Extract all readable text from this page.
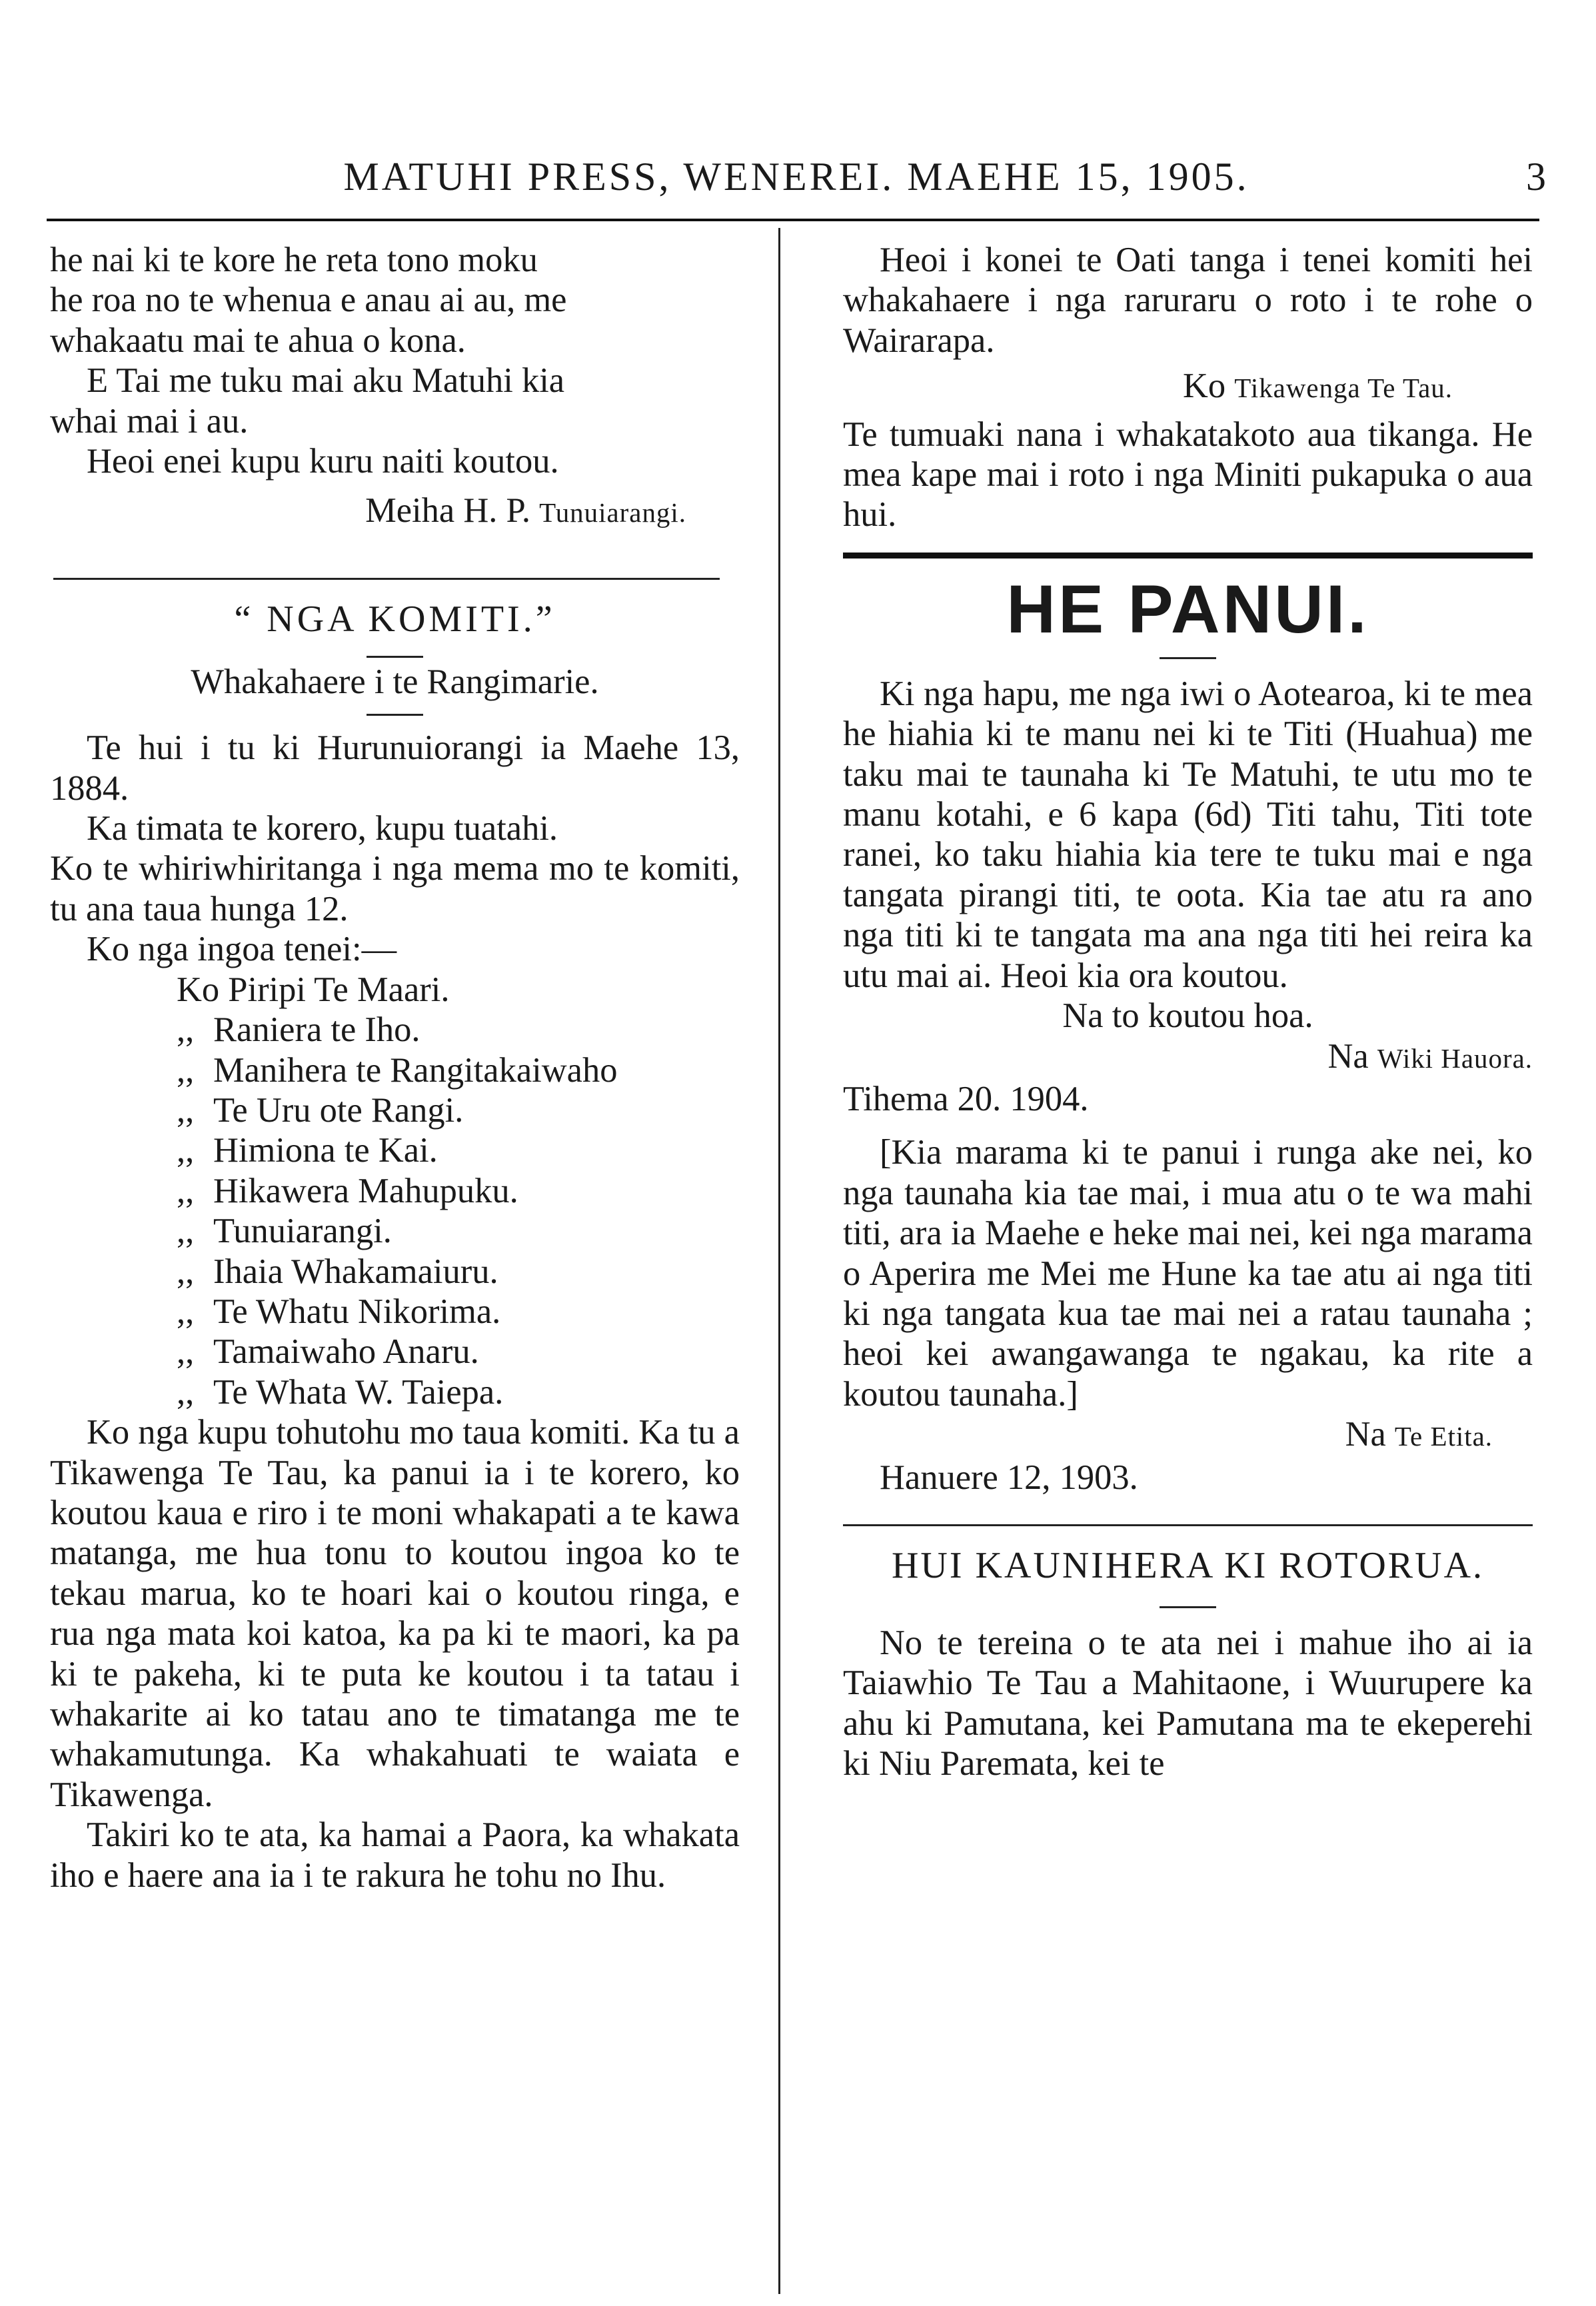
MATUHI PRESS, WENEREI. MAEHE 15, 1905.	3

he nai ki te kore he reta tono moku

he roa no te whenua e anau ai au, me

whakaatu mai te ahua o kona.

E Tai me tuku mai aku Matuhi kia

whai mai i au.

Heoi enei kupu kuru naiti koutou.

Meiha H. P. Tunuiarangi.

“ NGA KOMITI.”

Whakahaere i te Rangimarie.

Te hui i tu ki Hurunuiorangi ia Maehe 13, 1884.

Ka timata te korero, kupu tuatahi.

Ko te whiriwhiritanga i nga mema mo te komiti, tu ana taua hunga 12.

Ko nga ingoa tenei:—

Ko Piripi Te Maari.
,, Raniera te Iho.
,, Manihera te Rangitakaiwaho
,, Te Uru ote Rangi.
,, Himiona te Kai.
,, Hikawera Mahupuku.
,, Tunuiarangi.
,, Ihaia Whakamaiuru.
,, Te Whatu Nikorima.
,, Tamaiwaho Anaru.
,, Te Whata W. Taiepa.

Ko nga kupu tohutohu mo taua komiti. Ka tu a Tikawenga Te Tau, ka panui ia i te korero, ko koutou kaua e riro i te moni whakapati a te kawa matanga, me hua tonu to koutou ingoa ko te tekau marua, ko te hoari kai o koutou ringa, e rua nga mata koi katoa, ka pa ki te maori, ka pa ki te pakeha, ki te puta ke koutou i ta tatau i whakarite ai ko tatau ano te timatanga me te whakamutunga. Ka whakahuati te waiata e Tikawenga.

Takiri ko te ata, ka hamai a Paora, ka whakata iho e haere ana ia i te rakura he tohu no Ihu.

Heoi i konei te Oati tanga i tenei komiti hei whakahaere i nga raruraru o roto i te rohe o Wairarapa.

Ko Tikawenga Te Tau.

Te tumuaki nana i whakatakoto aua tikanga. He mea kape mai i roto i nga Miniti pukapuka o aua hui.

HE PANUI.

Ki nga hapu, me nga iwi o Aotearoa, ki te mea he hiahia ki te manu nei ki te Titi (Huahua) me taku mai te taunaha ki Te Matuhi, te utu mo te manu kotahi, e 6 kapa (6d) Titi tahu, Titi tote ranei, ko taku hiahia kia tere te tuku mai e nga tangata pirangi titi, te oota. Kia tae atu ra ano nga titi ki te tangata ma ana nga titi hei reira ka utu mai ai. Heoi kia ora koutou.

Na to koutou hoa.

Na Wiki Hauora.

Tihema 20. 1904.

[Kia marama ki te panui i runga ake nei, ko nga taunaha kia tae mai, i mua atu o te wa mahi titi, ara ia Maehe e heke mai nei, kei nga marama o Aperira me Mei me Hune ka tae atu ai nga titi ki nga tangata kua tae mai nei a ratau taunaha ; heoi kei awangawanga te ngakau, ka rite a koutou taunaha.]

Na Te Etita.

Hanuere 12, 1903.

HUI KAUNIHERA KI ROTORUA.

No te tereina o te ata nei i mahue iho ai ia Taiawhio Te Tau a Mahitaone, i Wuurupere ka ahu ki Pamutana, kei Pamutana ma te ekeperehi ki Niu Paremata, kei te
